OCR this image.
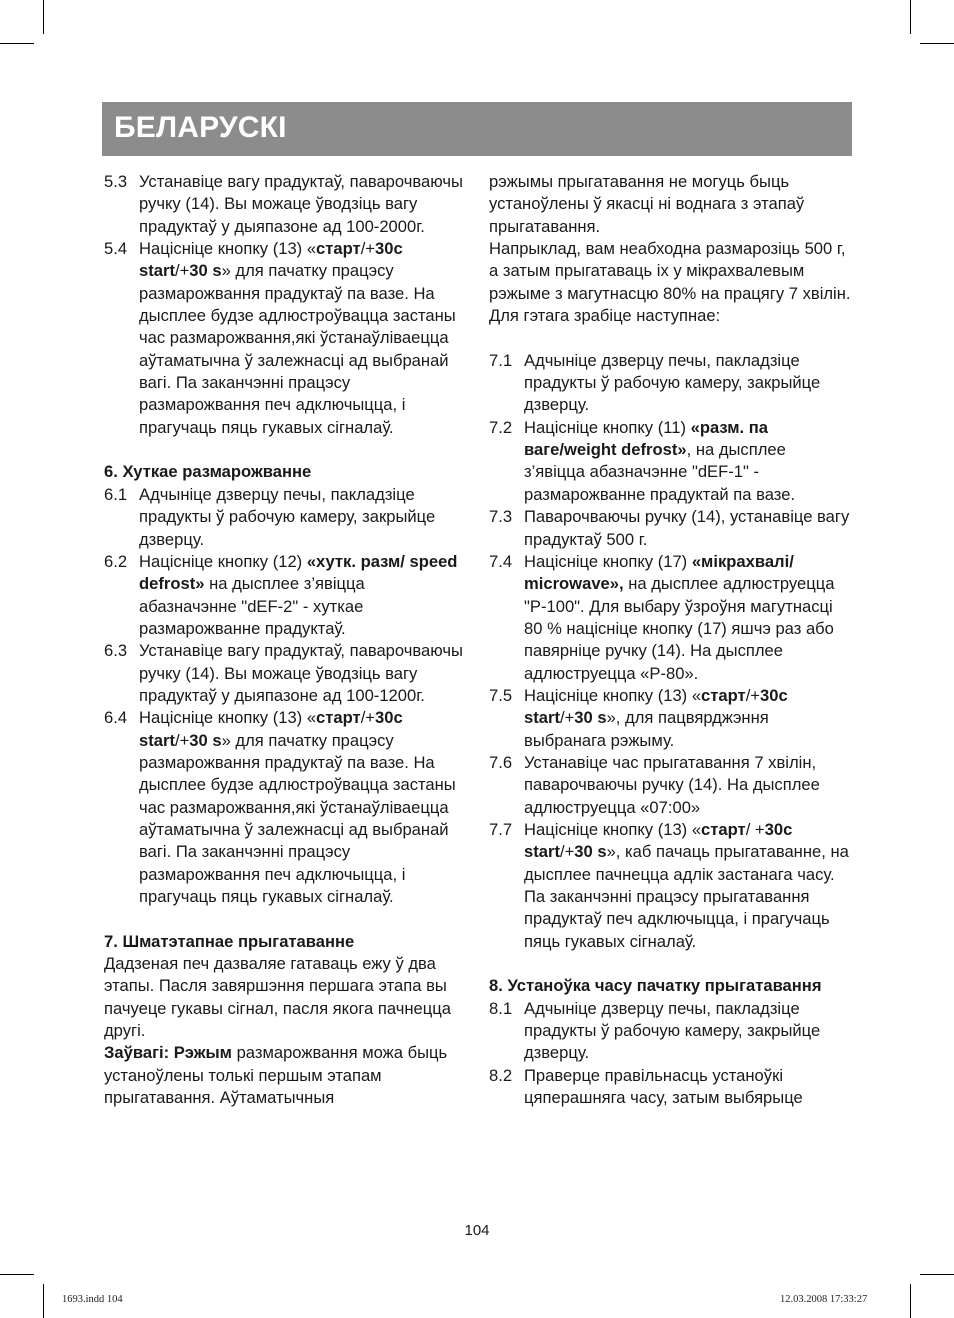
БЕЛАРУСКІ
5.3 Устанавіце вагу прадуктаў, паварочваючы ручку (14). Вы можаце ўводзіць вагу прадуктаў у дыяпазоне ад 100-2000г.
5.4 Націсніце кнопку (13) «старт/+30с start/+30 s» для пачатку працэсу размарожвання прадуктаў па вазе. На дысплее будзе адлюстроўвацца застаны час размарожвання,які ўстанаўліваецца аўтаматычна ў залежнасці ад выбранай вагі. Па заканчэнні працэсу размарожвання печ адключыцца, і прагучаць пяць гукавых сігналаў.

6. Хуткае размарожванне

6.1 Адчыніце дзверцу печы, пакладзіце прадукты ў рабочую камеру, закрыйце дзверцу.
6.2 Націсніце кнопку (12) «хутк. разм/ speed defrost» на дысплее з’явіцца абазначэнне "dEF-2" - хуткае размарожванне прадуктаў.
6.3 Устанавіце вагу прадуктаў, паварочваючы ручку (14). Вы можаце ўводзіць вагу прадуктаў у дыяпазоне ад 100-1200г.
6.4 Націсніце кнопку (13) «старт/+30с start/+30 s» для пачатку працэсу размарожвання прадуктаў па вазе. На дысплее будзе адлюстроўвацца застаны час размарожвання,які ўстанаўліваецца аўтаматычна ў залежнасці ад выбранай вагі. Па заканчэнні працэсу размарожвання печ адключыцца, і прагучаць пяць гукавых сігналаў.

7. Шматэтапнае прыгатаванне

Дадзеная печ дазваляе гатаваць ежу ў два этапы. Пасля завяршэння першага этапа вы пачуеце гукавы сігнал, пасля якога пачнецца другі.

Заўвагі: Рэжым размарожвання можа быць устаноўлены толькі першым этапам прыгатавання. Аўтаматычныя

рэжымы прыгатавання не могуць быць устаноўлены ў якасці ні воднага з этапаў прыгатавання.

Напрыклад, вам неабходна размарозіць 500 г, а затым прыгатаваць іх у мікрахвалевым рэжыме з магутнасцю 80% на працягу 7 хвілін. Для гэтага зрабіце наступнае:

7.1 Адчыніце дзверцу печы, пакладзіце прадукты ў рабочую камеру, закрыйце дзверцу.
7.2 Націсніце кнопку (11) «разм. па ваге/weight defrost», на дысплее з’явіцца абазначэнне "dEF-1" - размарожванне прадуктай па вазе.
7.3 Паварочваючы ручку (14), устанавіце вагу прадуктаў 500 г.
7.4 Націсніце кнопку (17) «мікрахвалі/ microwave», на дысплее адлюструецца "P-100". Для выбару ўзроўня магутнасці 80 % націсніце кнопку (17) яшчэ раз або павярніце ручку (14). На дысплее адлюструецца «P-80».
7.5 Націсніце кнопку (13) «старт/+30с start/+30 s», для пацвярджэння выбранага рэжыму.
7.6 Устанавіце час прыгатавання 7 хвілін, паварочваючы ручку (14). На дысплее адлюструецца «07:00»
7.7 Націсніце кнопку (13) «старт/ +30с start/+30 s», каб пачаць прыгатаванне, на дысплее пачнецца адлік застанага часу. Па заканчэнні працэсу прыгатавання прадуктаў печ адключыцца, і прагучаць пяць гукавых сігналаў.

8. Устаноўка часу пачатку прыгатавання

8.1 Адчыніце дзверцу печы, пакладзіце прадукты ў рабочую камеру, закрыйце дзверцу.
8.2 Праверце правільнасць устаноўкі цяперашняга часу, затым выбярыце
104
1693.indd 104	12.03.2008 17:33:27
